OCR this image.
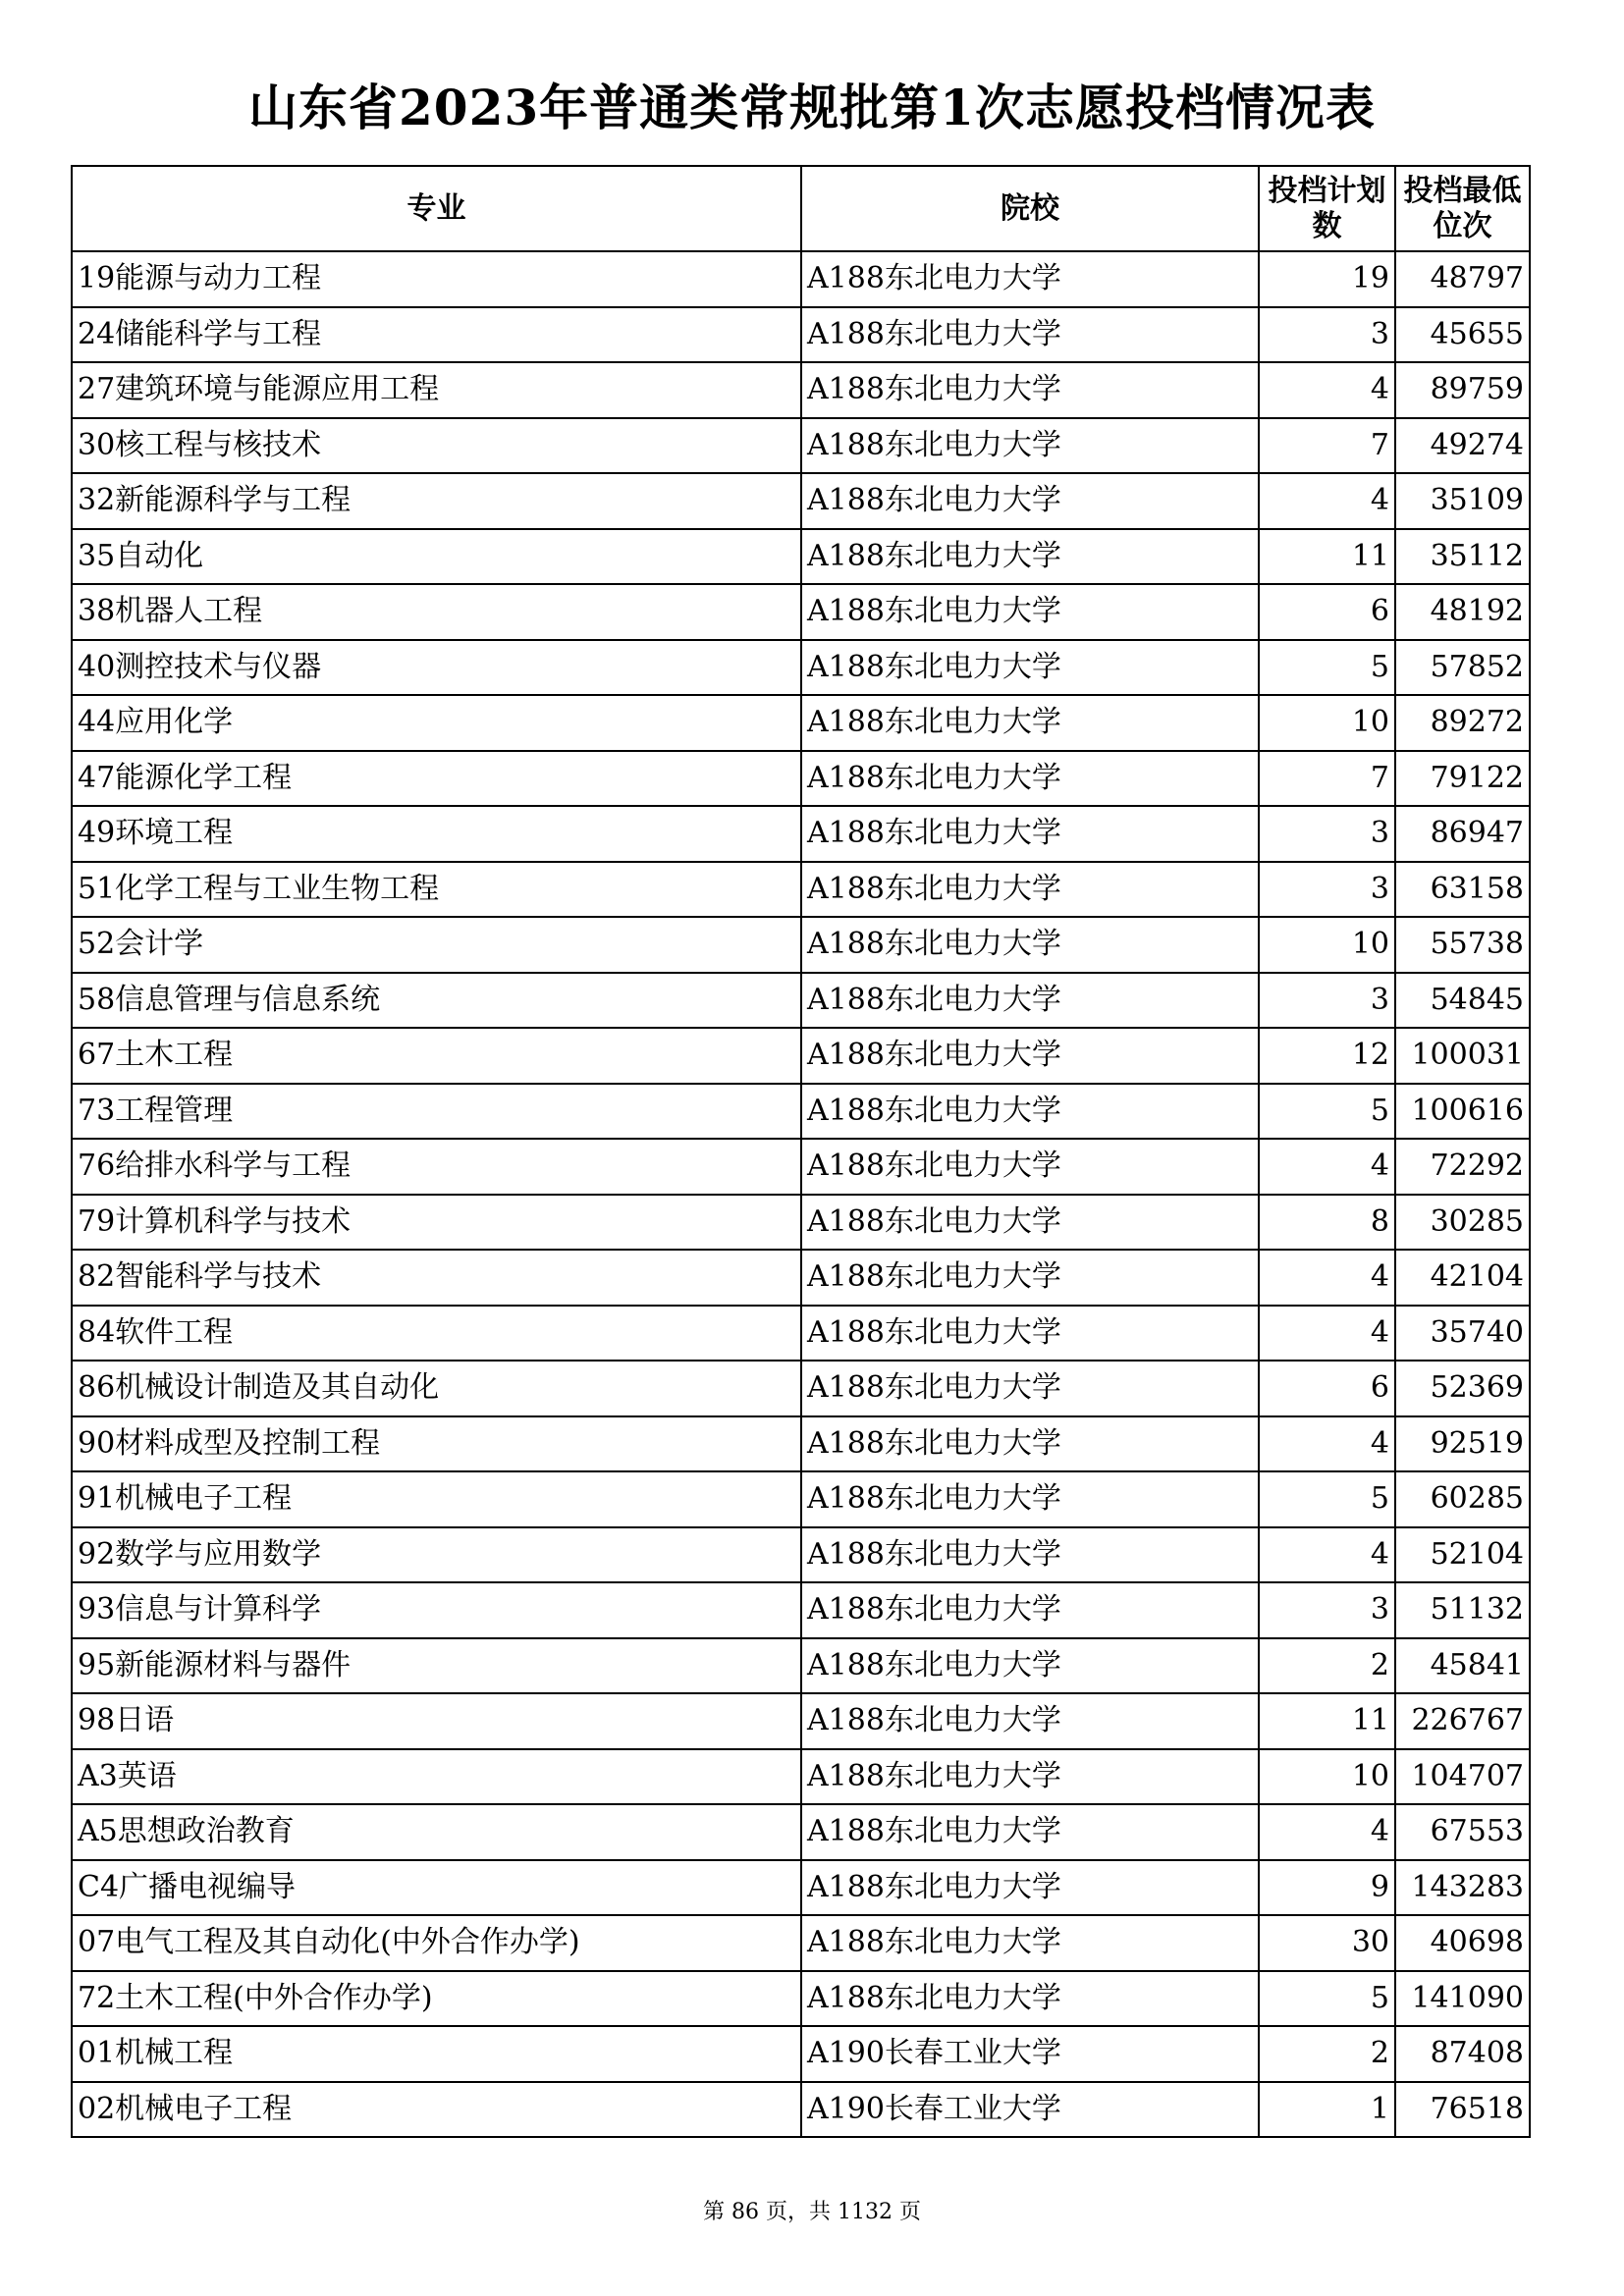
山东省2023年普通类常规批第1次志愿投档情况表
专业	院校	投档计划数	投档最低位次
19能源与动力工程	A188东北电力大学	19	48797
24储能科学与工程	A188东北电力大学	3	45655
27建筑环境与能源应用工程	A188东北电力大学	4	89759
30核工程与核技术	A188东北电力大学	7	49274
32新能源科学与工程	A188东北电力大学	4	35109
35自动化	A188东北电力大学	11	35112
38机器人工程	A188东北电力大学	6	48192
40测控技术与仪器	A188东北电力大学	5	57852
44应用化学	A188东北电力大学	10	89272
47能源化学工程	A188东北电力大学	7	79122
49环境工程	A188东北电力大学	3	86947
51化学工程与工业生物工程	A188东北电力大学	3	63158
52会计学	A188东北电力大学	10	55738
58信息管理与信息系统	A188东北电力大学	3	54845
67土木工程	A188东北电力大学	12	100031
73工程管理	A188东北电力大学	5	100616
76给排水科学与工程	A188东北电力大学	4	72292
79计算机科学与技术	A188东北电力大学	8	30285
82智能科学与技术	A188东北电力大学	4	42104
84软件工程	A188东北电力大学	4	35740
86机械设计制造及其自动化	A188东北电力大学	6	52369
90材料成型及控制工程	A188东北电力大学	4	92519
91机械电子工程	A188东北电力大学	5	60285
92数学与应用数学	A188东北电力大学	4	52104
93信息与计算科学	A188东北电力大学	3	51132
95新能源材料与器件	A188东北电力大学	2	45841
98日语	A188东北电力大学	11	226767
A3英语	A188东北电力大学	10	104707
A5思想政治教育	A188东北电力大学	4	67553
C4广播电视编导	A188东北电力大学	9	143283
07电气工程及其自动化(中外合作办学)	A188东北电力大学	30	40698
72土木工程(中外合作办学)	A188东北电力大学	5	141090
01机械工程	A190长春工业大学	2	87408
02机械电子工程	A190长春工业大学	1	76518
第 86 页，共 1132 页
